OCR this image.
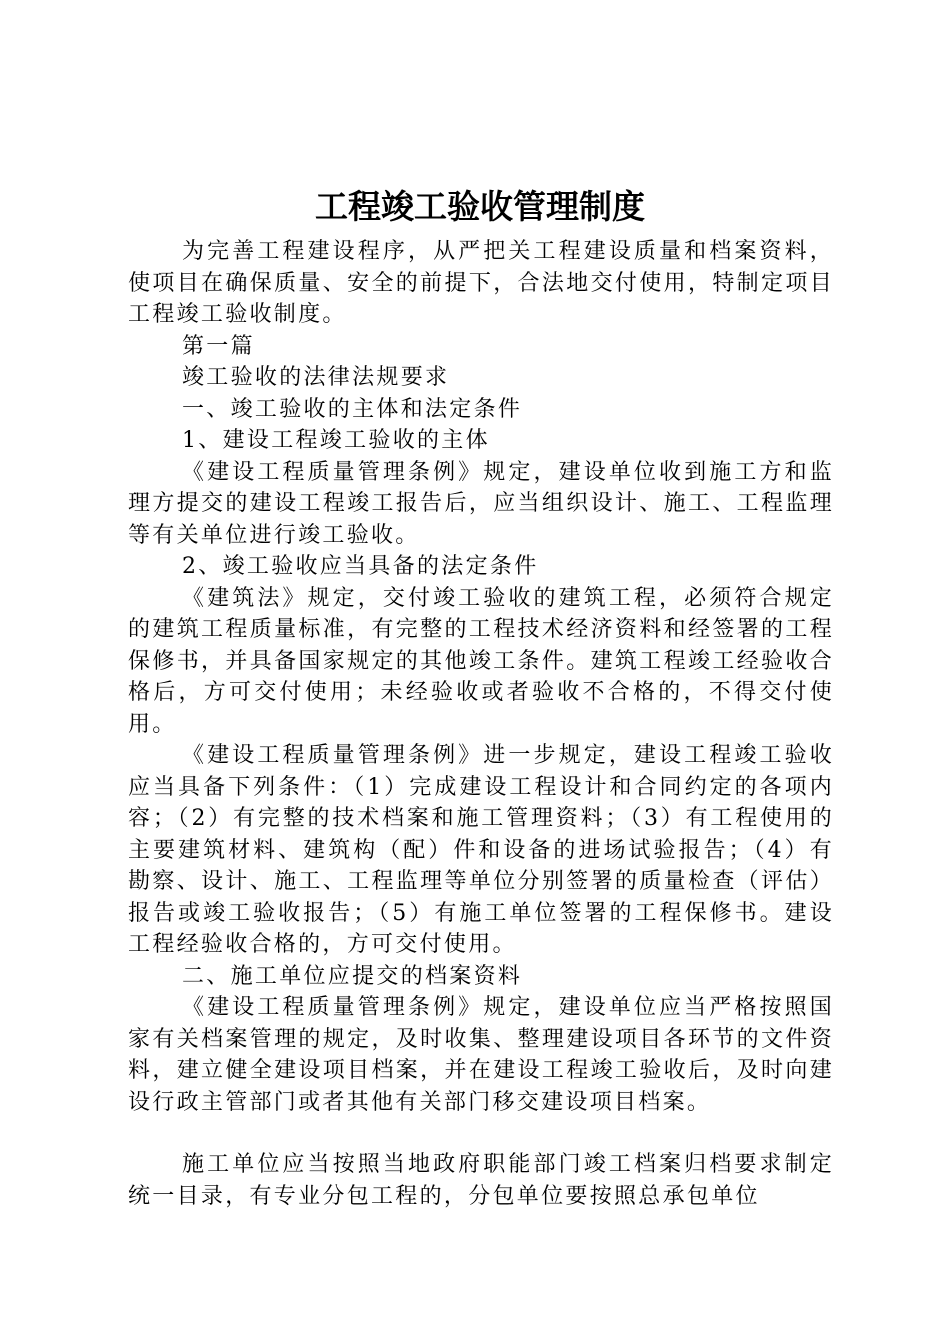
工程竣工验收管理制度

为完善工程建设程序，从严把关工程建设质量和档案资料，使项目在确保质量、安全的前提下，合法地交付使用，特制定项目工程竣工验收制度。

第一篇

竣工验收的法律法规要求

一、竣工验收的主体和法定条件

1、建设工程竣工验收的主体

《建设工程质量管理条例》规定，建设单位收到施工方和监理方提交的建设工程竣工报告后，应当组织设计、施工、工程监理等有关单位进行竣工验收。

2、竣工验收应当具备的法定条件

《建筑法》规定，交付竣工验收的建筑工程，必须符合规定的建筑工程质量标准，有完整的工程技术经济资料和经签署的工程保修书，并具备国家规定的其他竣工条件。建筑工程竣工经验收合格后，方可交付使用；未经验收或者验收不合格的，不得交付使用。

《建设工程质量管理条例》进一步规定，建设工程竣工验收应当具备下列条件：（1）完成建设工程设计和合同约定的各项内容；（2）有完整的技术档案和施工管理资料；（3）有工程使用的主要建筑材料、建筑构（配）件和设备的进场试验报告；（4）有勘察、设计、施工、工程监理等单位分别签署的质量检查（评估）报告或竣工验收报告；（5）有施工单位签署的工程保修书。建设工程经验收合格的，方可交付使用。

二、施工单位应提交的档案资料

《建设工程质量管理条例》规定，建设单位应当严格按照国家有关档案管理的规定，及时收集、整理建设项目各环节的文件资料，建立健全建设项目档案，并在建设工程竣工验收后，及时向建设行政主管部门或者其他有关部门移交建设项目档案。

施工单位应当按照当地政府职能部门竣工档案归档要求制定统一目录，有专业分包工程的，分包单位要按照总承包单位
